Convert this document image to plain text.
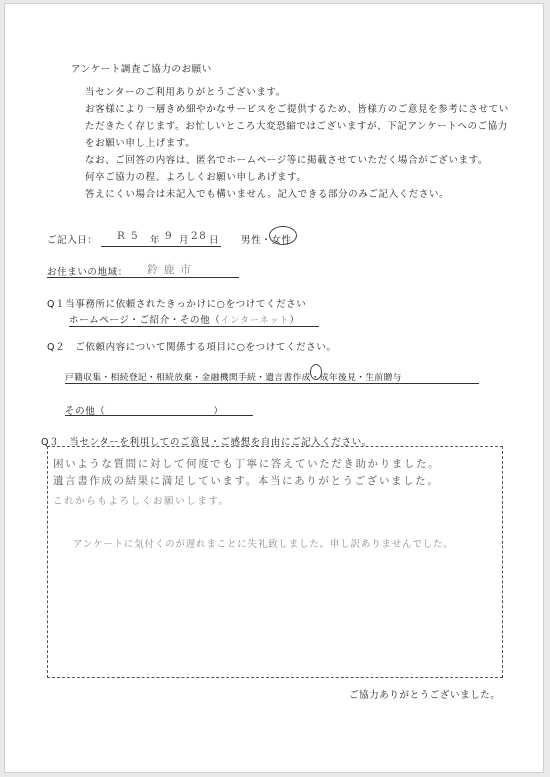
アンケート調査ご協力のお願い
当センターのご利用ありがとうございます。
お客様により一層きめ細やかなサービスをご提供するため、皆様方のご意見を参考にさせてい
ただきたく存じます。お忙しいところ大変恐縮ではございますが、下記アンケートへのご協力
をお願い申し上げます。
なお、ご回答の内容は、匿名でホームページ等に掲載させていただく場合がございます。
何卒ご協力の程、よろしくお願い申しあげます。
答えにくい場合は未記入でも構いません。記入できる部分のみご記入ください。
ご記入日： R 5 年 9 月 28 日 男性・女性
お住まいの地域： 鈴 鹿 市
Q１当事務所に依頼されたきっかけに○をつけてください
ホームページ・ご紹介・その他（インターネット）
Q２　ご依頼内容について関係する項目に○をつけてください。
戸籍収集・相続登記・相続放棄・金融機関手続・遺言書作成・成年後見・生前贈与
その他（	）
Q３　当センターを利用してのご意見・ご感想を自由にご記入ください。
困いような質問に対して何度でも丁寧に答えていただき助かりました。
遺言書作成の結果に満足しています。本当にありがとうございました。
これからもよろしくお願いします。
アンケートに気付くのが遅れまことに失礼致しました。申し訳ありませんでした。
ご協力ありがとうございました。
